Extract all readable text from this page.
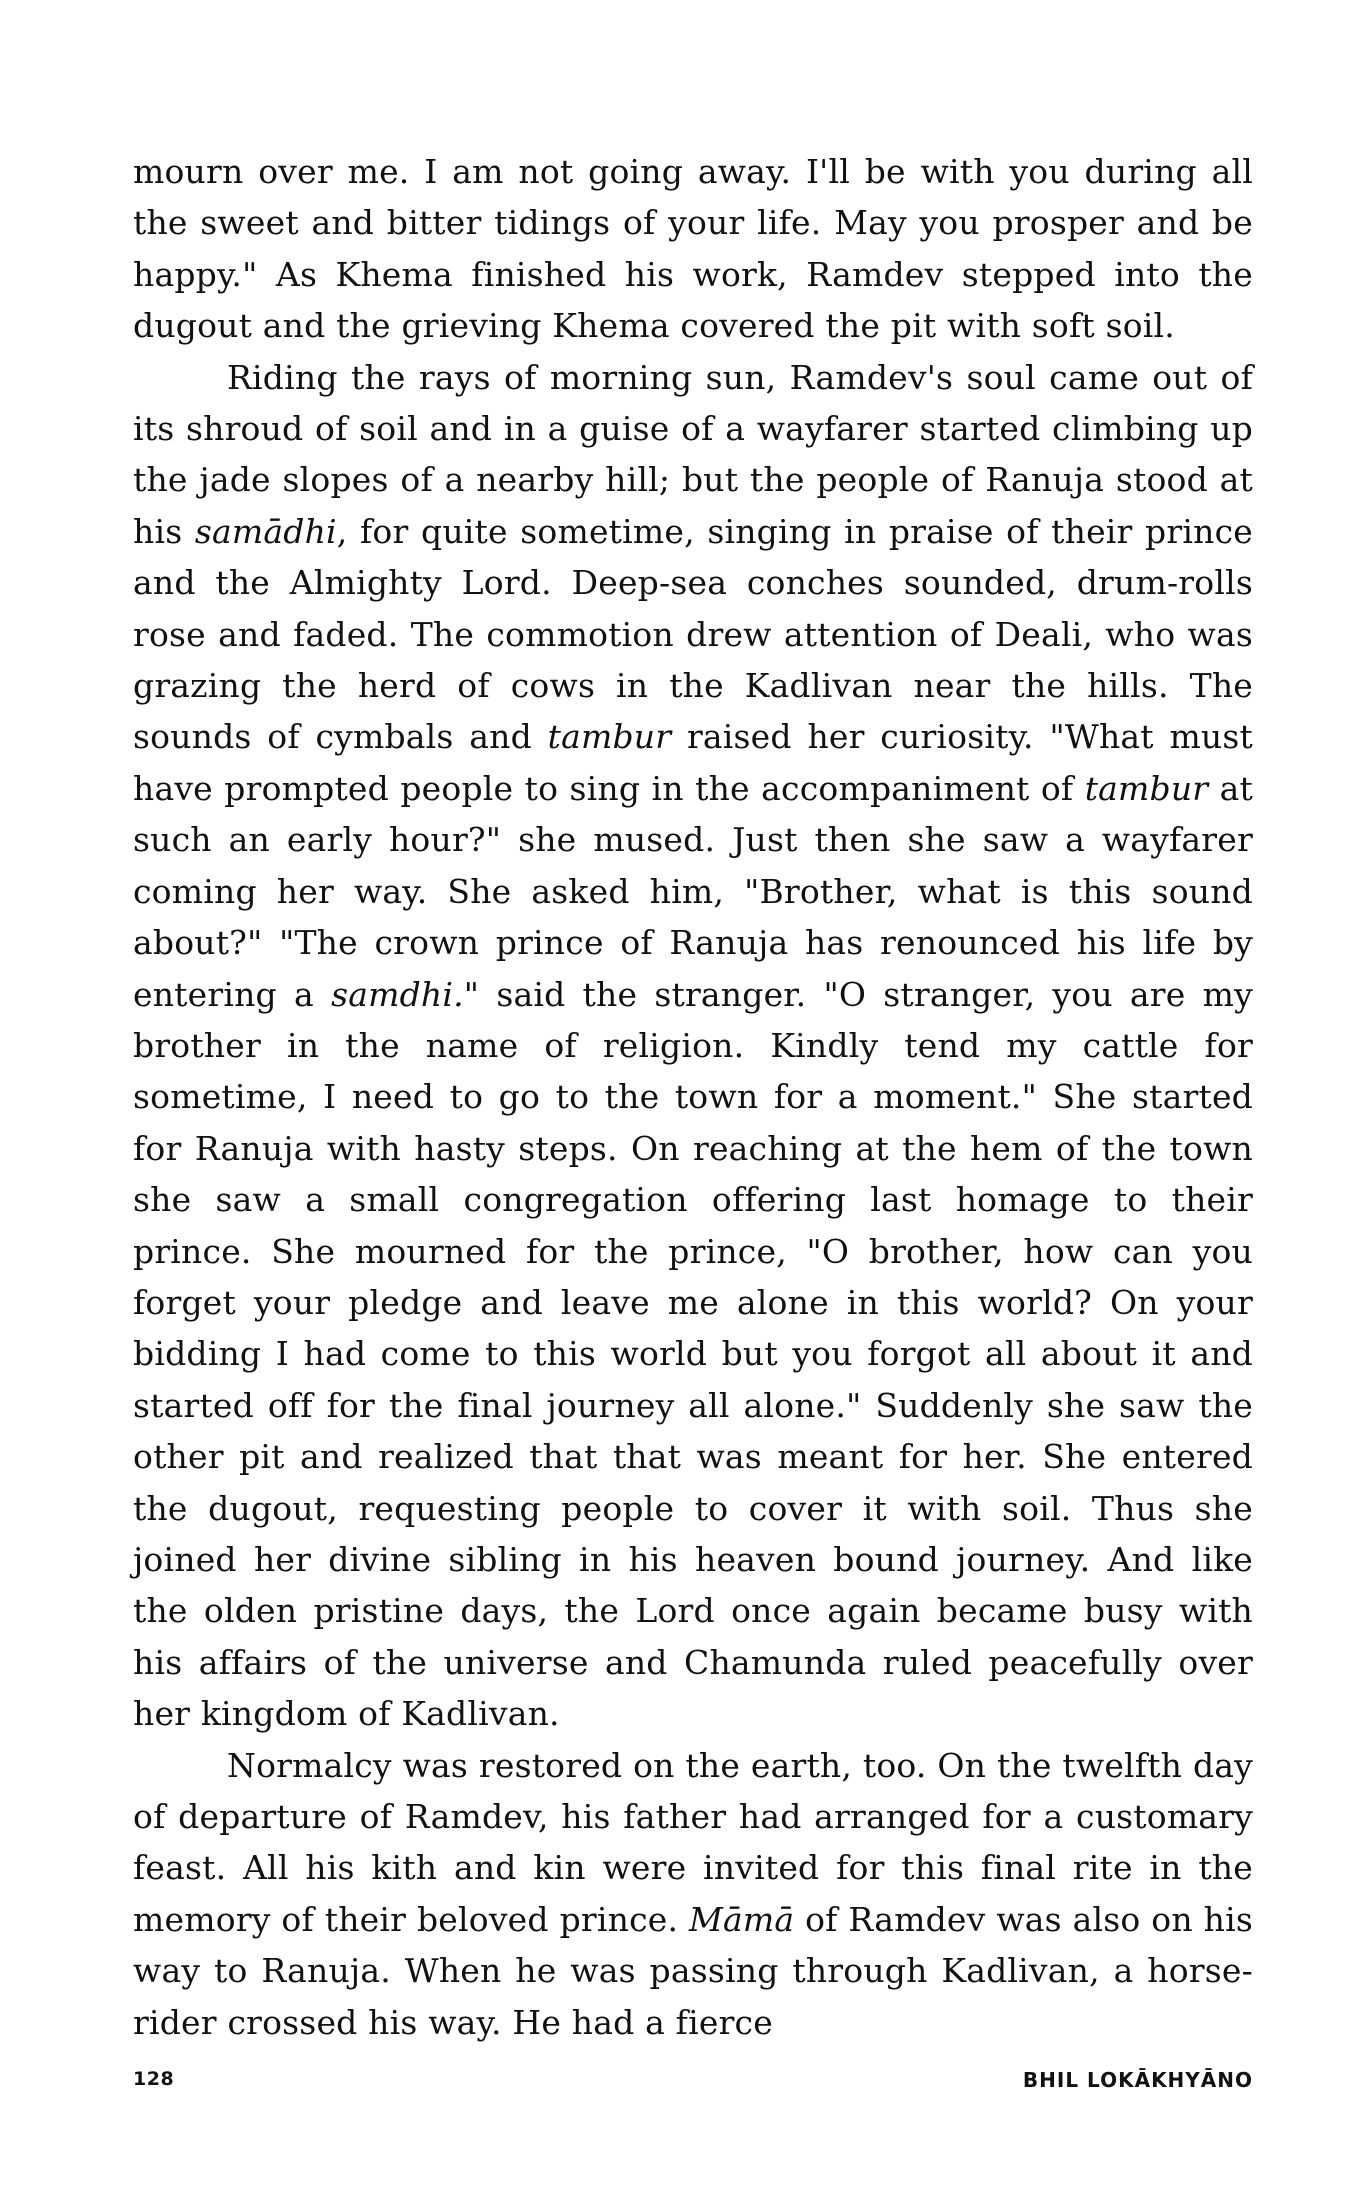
mourn over me. I am not going away. I'll be with you during all the sweet and bitter tidings of your life. May you prosper and be happy." As Khema finished his work, Ramdev stepped into the dugout and the grieving Khema covered the pit with soft soil.

Riding the rays of morning sun, Ramdev's soul came out of its shroud of soil and in a guise of a wayfarer started climbing up the jade slopes of a nearby hill; but the people of Ranuja stood at his samādhi, for quite sometime, singing in praise of their prince and the Almighty Lord. Deep-sea conches sounded, drum-rolls rose and faded. The commotion drew attention of Deali, who was grazing the herd of cows in the Kadlivan near the hills. The sounds of cymbals and tambur raised her curiosity. "What must have prompted people to sing in the accompaniment of tambur at such an early hour?" she mused. Just then she saw a wayfarer coming her way. She asked him, "Brother, what is this sound about?" "The crown prince of Ranuja has renounced his life by entering a samdhi." said the stranger. "O stranger, you are my brother in the name of religion. Kindly tend my cattle for sometime, I need to go to the town for a moment." She started for Ranuja with hasty steps. On reaching at the hem of the town she saw a small congregation offering last homage to their prince. She mourned for the prince, "O brother, how can you forget your pledge and leave me alone in this world? On your bidding I had come to this world but you forgot all about it and started off for the final journey all alone." Suddenly she saw the other pit and realized that that was meant for her. She entered the dugout, requesting people to cover it with soil. Thus she joined her divine sibling in his heaven bound journey. And like the olden pristine days, the Lord once again became busy with his affairs of the universe and Chamunda ruled peacefully over her kingdom of Kadlivan.

Normalcy was restored on the earth, too. On the twelfth day of departure of Ramdev, his father had arranged for a customary feast. All his kith and kin were invited for this final rite in the memory of their beloved prince. Māmā of Ramdev was also on his way to Ranuja. When he was passing through Kadlivan, a horse-rider crossed his way. He had a fierce

128	BHIL LOKĀKHYĀNO
